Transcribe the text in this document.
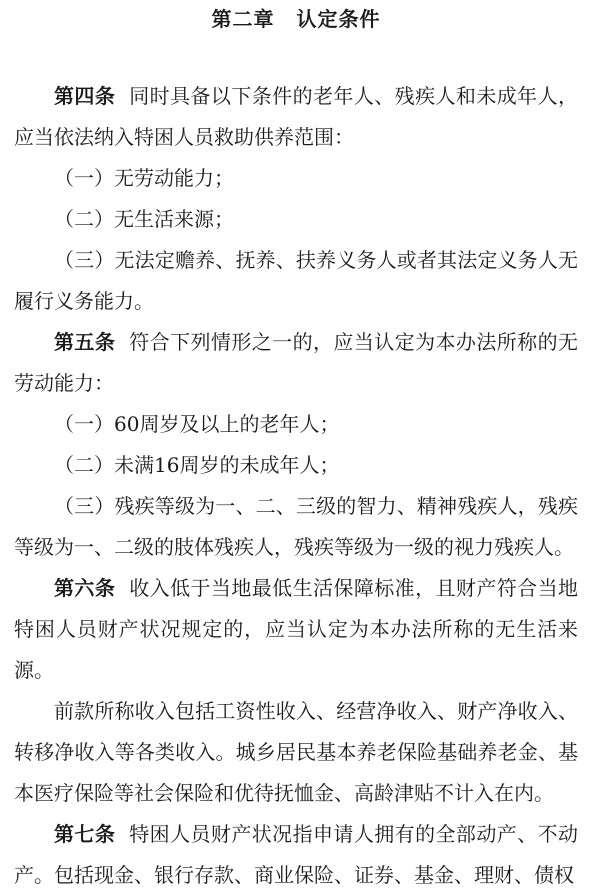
第二章 认定条件

第四条 同时具备以下条件的老年人、残疾人和未成年人，应当依法纳入特困人员救助供养范围：

（一）无劳动能力；

（二）无生活来源；

（三）无法定赡养、抚养、扶养义务人或者其法定义务人无履行义务能力。

第五条 符合下列情形之一的，应当认定为本办法所称的无劳动能力：

（一）60周岁及以上的老年人；

（二）未满16周岁的未成年人；

（三）残疾等级为一、二、三级的智力、精神残疾人，残疾等级为一、二级的肢体残疾人，残疾等级为一级的视力残疾人。

第六条 收入低于当地最低生活保障标准，且财产符合当地特困人员财产状况规定的，应当认定为本办法所称的无生活来源。

前款所称收入包括工资性收入、经营净收入、财产净收入、转移净收入等各类收入。城乡居民基本养老保险基础养老金、基本医疗保险等社会保险和优待抚恤金、高龄津贴不计入在内。

第七条 特困人员财产状况指申请人拥有的全部动产、不动产。包括现金、银行存款、商业保险、证券、基金、理财、债权
